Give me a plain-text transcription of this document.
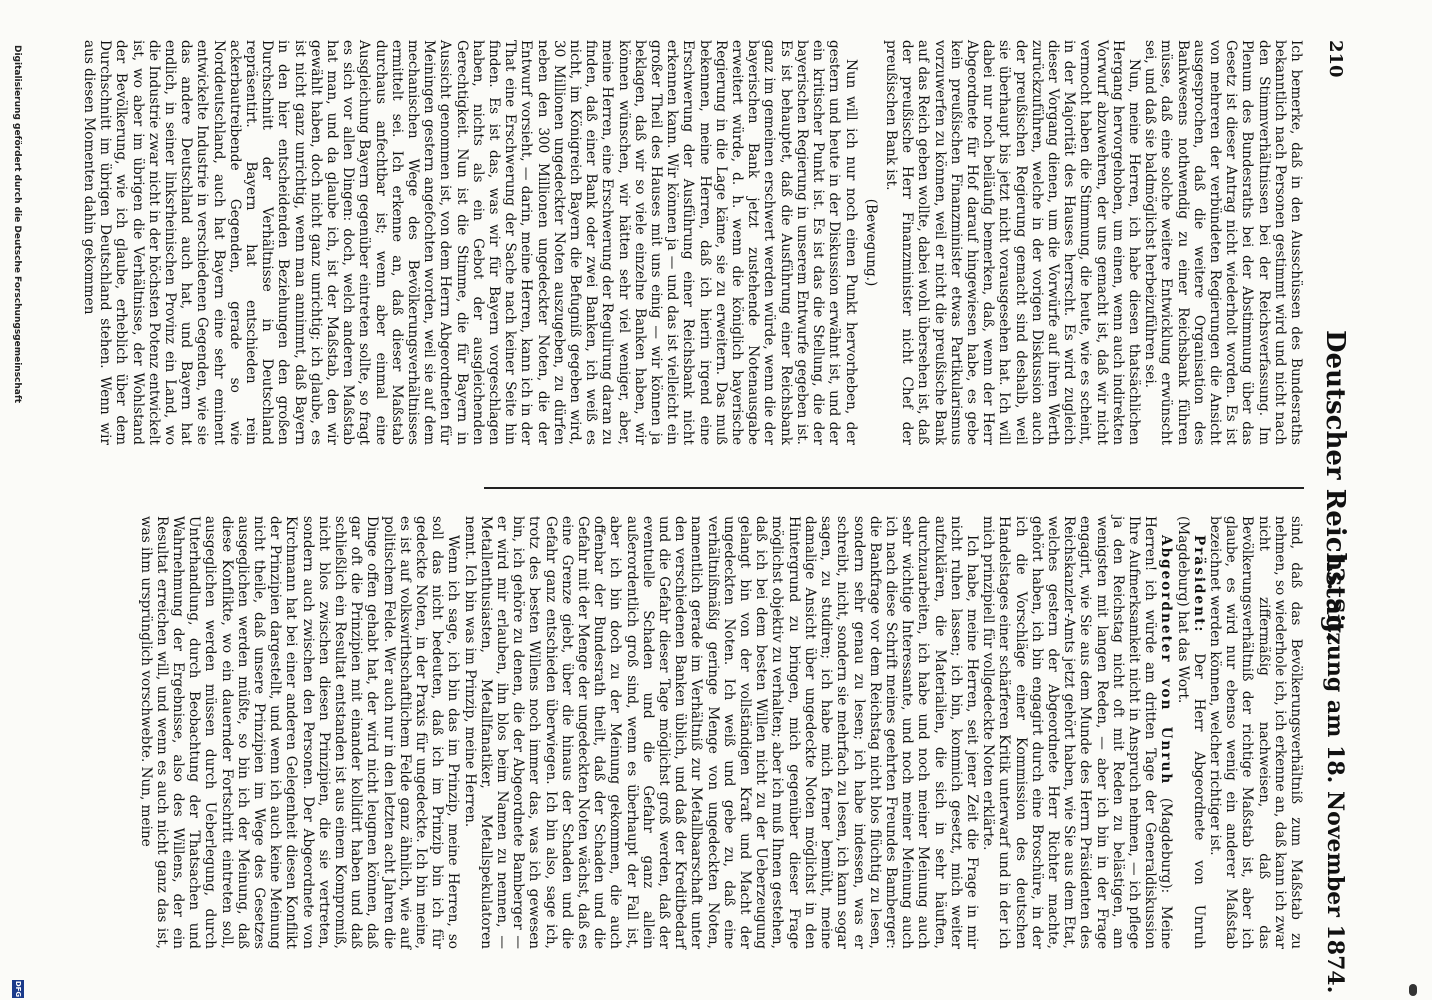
210
Deutscher Reichstag.
13. Sitzung am 18. November 1874.

Ich bemerke, daß in den Ausschüssen des Bundesraths bekanntlich nach Personen gestimmt wird und nicht nach den Stimmverhältnissen bei der Reichsverfassung. Im Plenum des Bundesraths bei der Abstimmung über das Gesetz ist dieser Antrag nicht wiederholt worden. Es ist von mehreren der verbündeten Regierungen die Ansicht ausgesprochen, daß die weitere Organisation des Bankwesens nothwendig zu einer Reichsbank führen müsse, daß eine solche weitere Entwicklung erwünscht sei, und daß sie baldmöglichst herbeizuführen sei.

Nun, meine Herren, ich habe diesen thatsächlichen Hergang hervorgehoben, um einen, wenn auch indirekten Vorwurf abzuwehren, der uns gemacht ist, daß wir nicht vermocht haben die Stimmung, die heute, wie es scheint, in der Majorität des Hauses herrscht. Es wird zugleich dieser Vorgang dienen, um die Vorwürfe auf ihren Werth zurückzuführen, welche in der vorigen Diskussion auch der preußischen Regierung gemacht sind deshalb, weil sie überhaupt bis jetzt nicht vorausgesehen hat. Ich will dabei nur noch beiläufig bemerken, daß, wenn der Herr Abgeordnete für Hof darauf hingewiesen habe, es gebe kein preußischen Finanzminister etwas Partikularismus vorzuwerfen zu können, weil er nicht die preußische Bank auf das Reich geben wollte, dabei wohl übersehen ist, daß der preußische Herr Finanzminister nicht Chef der preußischen Bank ist.

(Bewegung.)

Nun will ich nur noch einen Punkt hervorheben, der gestern und heute in der Diskussion erwähnt ist, und der ein kritischer Punkt ist. Es ist das die Stellung, die der bayerischen Regierung in unserem Entwurfe gegeben ist. Es ist behauptet, daß die Ausführung einer Reichsbank ganz im gemeinen erschwert werden würde, wenn die der bayerischen Bank jetzt zustehende Notenausgabe erweitert würde, d. h. wenn die königlich bayerische Regierung in die Lage käme, sie zu erweitern. Das muß bekennen, meine Herren, daß ich hierin irgend eine Erschwerung der Ausführung einer Reichsbank nicht erkennen kann. Wir können ja — und das ist vielleicht ein großer Theil des Hauses mit uns einig — wir können ja beklagen, daß wir so viele einzelne Banken haben, wir können wünschen, wir hätten sehr viel weniger, aber, meine Herren, eine Erschwerung der Regulirung daran zu finden, daß einer Bank oder zwei Banken, ich weiß es nicht, im Königreich Bayern die Befugniß gegeben wird, 30 Millionen ungedeckter Noten auszugeben, zu dürfen neben den 300 Millionen ungedeckter Noten, die der Entwurf vorsieht, — darin, meine Herren, kann ich in der That eine Erschwerung der Sache nach keiner Seite hin finden. Es ist das, was wir für Bayern vorgeschlagen haben, nichts als ein Gebot der ausgleichenden Gerechtigkeit. Nun ist die Stimme, die für Bayern in Aussicht genommen ist, von dem Herrn Abgeordneten für Meiningen gestern angefochten worden, weil sie auf dem mechanischen Wege des Bevölkerungsverhältnisses ermittelt sei. Ich erkenne an, daß dieser Maßstab durchaus anfechtbar ist; wenn aber einmal eine Ausgleichung Bayern gegenüber eintreten sollte, so fragt es sich vor allen Dingen: doch, welch anderen Maßstab hat man, und da glaube ich, ist der Maßstab, den wir gewählt haben, doch nicht ganz unrichtig; ich glaube, es ist nicht ganz unrichtig, wenn man annimmt, daß Bayern in den hier entscheidenden Beziehungen den großen Durchschnitt der Verhältnisse in Deutschland repräsentirt. Bayern hat entschieden rein ackerbautreibende Gegenden, gerade so wie Norddeutschland, auch hat Bayern eine sehr eminent entwickelte Industrie in verschiedenen Gegenden, wie sie das andere Deutschland auch hat, und Bayern hat endlich, in seiner linksrheinischen Provinz ein Land, wo die Industrie zwar nicht in der höchsten Potenz entwickelt ist, wo aber im übrigen die Verhältnisse, der Wohlstand der Bevölkerung, wie ich glaube, erheblich über dem Durchschnitt im übrigen Deutschland stehen. Wenn wir aus diesen Momenten dahin gekommen

sind, daß das Bevölkerungsverhältniß zum Maßstab zu nehmen, so wiederhole ich, ich erkenne an, daß kann ich zwar nicht ziffermäßig nachweisen, daß das Bevölkerungsverhältniß der richtige Maßstab ist, aber ich glaube, es wird nur ebenso wenig ein anderer Maßstab bezeichnet werden können, welcher richtiger ist.

Präsident: Der Herr Abgeordnete von Unruh (Magdeburg) hat das Wort.

Abgeordneter von Unruh (Magdeburg): Meine Herren! ich würde am dritten Tage der Generaldiskussion Ihre Aufmerksamkeit nicht in Anspruch nehmen, — ich pflege ja den Reichstag nicht oft mit Reden zu belästigen, am wenigsten mit langen Reden, — aber ich bin in der Frage engagirt, wie Sie aus dem Munde des Herrn Präsidenten des Reichskanzler-Amts jetzt gehört haben, wie Sie aus dem Etat, welches gestern der Abgeordnete Herr Richter machte, gehört haben, ich bin engagirt durch eine Broschüre, in der ich die Vorschläge einer Kommission des deutschen Handelstages einer schärferen Kritik unterwarf und in der ich mich prinzipiell für vollgedeckte Noten erklärte.

Ich habe, meine Herren, seit jener Zeit die Frage in mir nicht ruhen lassen; ich bin, kommich gesetzt, mich weiter aufzuklären, die Materialien, die sich in sehr häuften, durchzuarbeiten, ich habe und noch meiner Meinung auch sehr wichtige Interessante, und noch meiner Meinung auch ich nach diese Schrift meines geehrten Freundes Bamberger: die Bankfrage vor dem Reichstag nicht blos flüchtig zu lesen, sondern sehr genau zu lesen; ich habe indessen, was er schreibt, nicht, sondern sie mehrfach zu lesen, ich kann sogar sagen, zu studiren; ich habe mich ferner bemüht, meine damalige Ansicht über ungedeckte Noten möglichst in den Hintergrund zu bringen, mich gegenüber dieser Frage möglichst objektiv zu verhalten; aber ich muß Ihnen gestehen, daß ich bei dem besten Willen nicht zu der Ueberzeugung gelangt bin von der vollständigen Kraft und Macht der ungedeckten Noten. Ich weiß und gebe zu, daß eine verhältnißmäßig geringe Menge von ungedeckten Noten, namentlich gerade im Verhältniß zur Metallbaarschaft unter den verschiedenen Banken üblich, und daß der Kreditbedarf und die Gefahr dieser Tage möglichst groß werden, daß der eventuelle Schaden und die Gefahr ganz allein außerordentlich groß sind, wenn es überhaupt der Fall ist, aber ich bin doch zu der Meinung gekommen, die auch offenbar der Bundesrath theilt, daß der Schaden und die Gefahr mit der Menge der ungedeckten Noten wächst, daß es eine Grenze giebt, über die hinaus der Schaden und die Gefahr ganz entschieden überwiegen. Ich bin also, sage ich, trotz des besten Willens noch immer das, was ich gewesen bin, ich gehöre zu denen, die der Abgeordnete Bamberger — er wird mir erlauben, ihn blos beim Namen zu nennen, — Metallenthusiasten, Metallfanatiker, Metallspekulatoren nennt. Ich bin was im Prinzip, meine Herren.

Wenn ich sage, ich bin das im Prinzip, meine Herren, so soll das nicht bedeuten, daß ich im Prinzip bin ich für gedeckte Noten, in der Praxis für ungedeckte. Ich bin meine, es ist auf volkswirthschaftlichem Felde ganz ähnlich, wie auf politischem Felde. Wer auch nur in den letzten acht Jahren die Dinge offen gehabt hat, der wird nicht leugnen können, daß gar oft die Prinzipien mit einander kollidirt haben und daß schließlich ein Resultat entstanden ist aus einem Kompromiß, nicht blos zwischen diesen Prinzipien, die sie vertreten, sondern auch zwischen den Personen. Der Abgeordnete von Kirchmann hat bei einer anderen Gelegenheit diesen Konflikt der Prinzipien dargestellt, und wenn ich auch keine Meinung nicht theile, daß unsere Prinzipien im Wege des Gesetzes ausgeglichen werden müßte, so bin ich der Meinung, daß diese Konflikte, wo ein dauernder Fortschritt eintreten soll, ausgeglichen werden müssen durch Ueberlegung, durch Unterhandlung, durch Beobachtung der Thatsachen und Wahrnehmung der Ergebnisse, also des Willens, der ein Resultat erreichen will, und wenn es auch nicht ganz das ist, was ihm ursprünglich vorschwebte. Nun, meine

Digitalisierung gefördert durch die Deutsche Forschungsgemeinschaft
DFG
